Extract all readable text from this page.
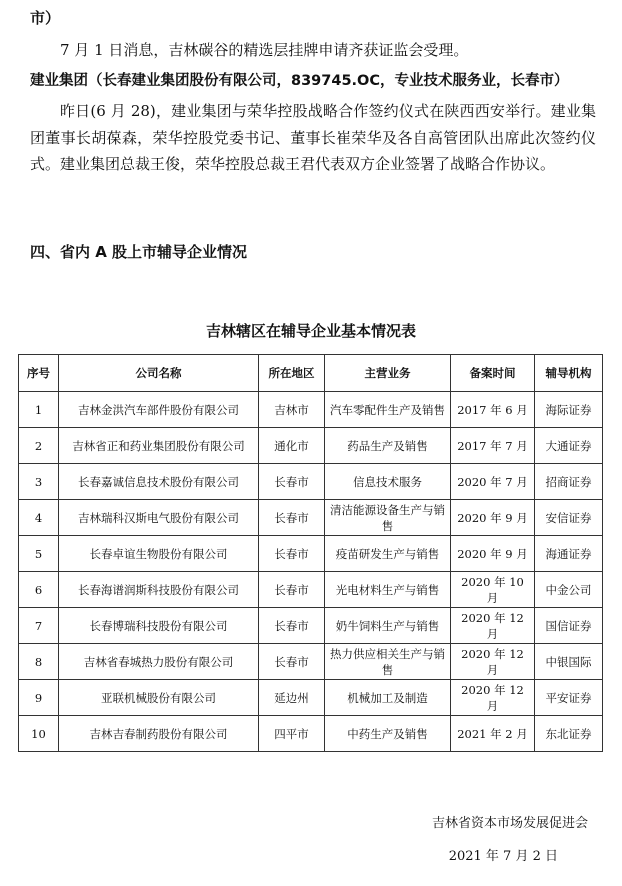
市）
7 月 1 日消息，吉林碳谷的精选层挂牌申请齐获证监会受理。
建业集团（长春建业集团股份有限公司，839745.OC，专业技术服务业，长春市）
昨日(6 月 28)，建业集团与荣华控股战略合作签约仪式在陕西西安举行。建业集团董事长胡葆森，荣华控股党委书记、董事长崔荣华及各自高管团队出席此次签约仪式。建业集团总裁王俊，荣华控股总裁王君代表双方企业签署了战略合作协议。
四、省内 A 股上市辅导企业情况
吉林辖区在辅导企业基本情况表
序号	公司名称	所在地区	主营业务	备案时间	辅导机构
1	吉林金洪汽车部件股份有限公司	吉林市	汽车零配件生产及销售	2017 年 6 月	海际证券
2	吉林省正和药业集团股份有限公司	通化市	药品生产及销售	2017 年 7 月	大通证券
3	长春嘉诚信息技术股份有限公司	长春市	信息技术服务	2020 年 7 月	招商证券
4	吉林瑞科汉斯电气股份有限公司	长春市	清洁能源设备生产与销售	2020 年 9 月	安信证券
5	长春卓谊生物股份有限公司	长春市	疫苗研发生产与销售	2020 年 9 月	海通证券
6	长春海谱润斯科技股份有限公司	长春市	光电材料生产与销售	2020 年 10 月	中金公司
7	长春博瑞科技股份有限公司	长春市	奶牛饲料生产与销售	2020 年 12 月	国信证券
8	吉林省春城热力股份有限公司	长春市	热力供应相关生产与销售	2020 年 12 月	中银国际
9	亚联机械股份有限公司	延边州	机械加工及制造	2020 年 12 月	平安证券
10	吉林吉春制药股份有限公司	四平市	中药生产及销售	2021 年 2 月	东北证券
吉林省资本市场发展促进会
2021 年 7 月 2 日
